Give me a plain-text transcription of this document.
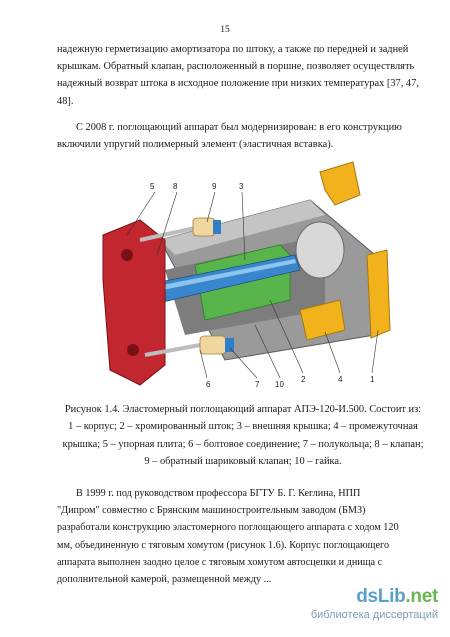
15

надежную герметизацию амортизатора по штоку, а также по передней и задней

крышкам. Обратный клапан, расположенный в поршне, позволяет осуществлять

надежный возврат штока в исходное положение при низких температурах [37, 47,

48].

С 2008 г. поглощающий аппарат был модернизирован: в его конструкцию

включили упругий полимерный элемент (эластичная вставка).

5 8	9	3
6	7 10
2	4	1

Рисунок 1.4. Эластомерный поглощающий аппарат АПЭ-120-И.500. Состоит из:

1 – корпус; 2 – хромированный шток; 3 – внешняя крышка; 4 – промежуточная

крышка; 5 – упорная плита; 6 – болтовое соединение; 7 – полукольца; 8 – клапан;

9 – обратный шариковый клапан; 10 – гайка.

В 1999 г. под руководством профессора БГТУ Б. Г. Кеглина, НПП

"Дипром" совместно с Брянским машиностроительным заводом (БМЗ)

разработали конструкцию эластомерного поглощающего аппарата с ходом 120

мм, объединенную с тяговым хомутом (рисунок 1.6). Корпус поглощающего

аппарата выполнен заодно целое с тяговым хомутом автосцепки и днища с

дополнительной камерой, размещенной между ...

dsLib.net
библиотека диссертаций
